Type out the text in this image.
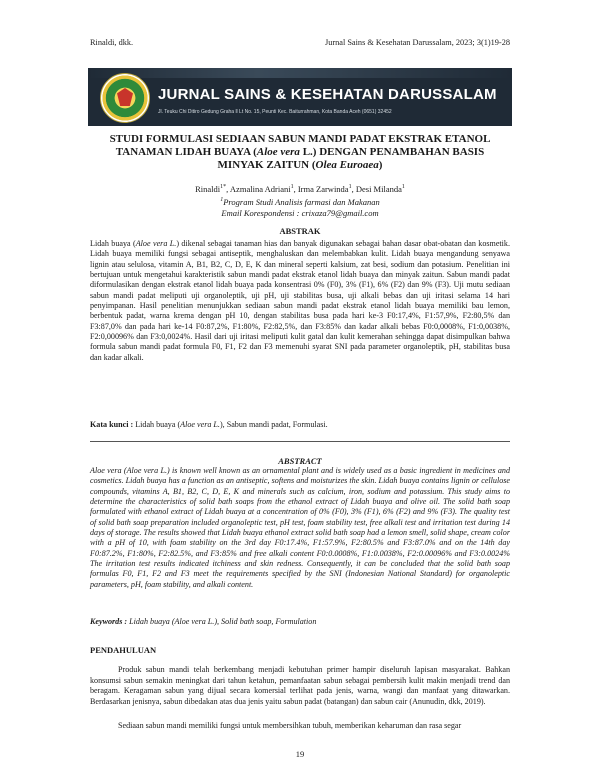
Rinaldi, dkk.	Jurnal Sains & Kesehatan Darussalam, 2023; 3(1)19-28
JURNAL SAINS & KESEHATAN DARUSSALAM
Jl. Teuku Chi Ditiro Gedung Graha ll Lt No. 15, Peunti Kec. Baiturrahman, Kota Banda Aceh (0651) 32452
STUDI FORMULASI SEDIAAN SABUN MANDI PADAT EKSTRAK ETANOL
TANAMAN LIDAH BUAYA (Aloe vera L.) DENGAN PENAMBAHAN BASIS
MINYAK ZAITUN (Olea Euroaea)
Rinaldi$^{1*}$, Azmalina Adriani$^1$, Irma Zarwinda$^1$, Desi Milanda$^1$
$^1$Program Studi Analisis farmasi dan Makanan
Email Korespondensi : crixaza79@gmail.com
ABSTRAK
Lidah buaya (Aloe vera L.) dikenal sebagai tanaman hias dan banyak digunakan sebagai bahan dasar obat-obatan dan kosmetik. Lidah buaya memiliki fungsi sebagai antiseptik, menghaluskan dan melembabkan kulit. Lidah buaya mengandung senyawa lignin atau selulosa, vitamin A, B1, B2, C, D, E, K dan mineral seperti kalsium, zat besi, sodium dan potasium. Penelitian ini bertujuan untuk mengetahui karakteristik sabun mandi padat ekstrak etanol lidah buaya dan minyak zaitun. Sabun mandi padat diformulasikan dengan ekstrak etanol lidah buaya pada konsentrasi 0% (F0), 3% (F1), 6% (F2) dan 9% (F3). Uji mutu sediaan sabun mandi padat meliputi uji organoleptik, uji pH, uji stabilitas busa, uji alkali bebas dan uji iritasi selama 14 hari penyimpanan. Hasil penelitian menunjukkan sediaan sabun mandi padat ekstrak etanol lidah buaya memiliki bau lemon, berbentuk padat, warna krema dengan pH 10, dengan stabilitas busa pada hari ke-3 F0:17,4%, F1:57,9%, F2:80,5% dan F3:87,0% dan pada hari ke-14 F0:87,2%, F1:80%, F2:82,5%, dan F3:85% dan kadar alkali bebas F0:0,0008%, F1:0,0038%, F2:0,00096% dan F3:0,0024%. Hasil dari uji iritasi meliputi kulit gatal dan kulit kemerahan sehingga dapat disimpulkan bahwa formula sabun mandi padat formula F0, F1, F2 dan F3 memenuhi syarat SNI pada parameter organoleptik, pH, stabilitas busa dan kadar alkali.
Kata kunci : Lidah buaya (Aloe vera L.), Sabun mandi padat, Formulasi.
ABSTRACT
Aloe vera (Aloe vera L.) is known well known as an ornamental plant and is widely used as a basic ingredient in medicines and cosmetics. Lidah buaya has a function as an antiseptic, softens and moisturizes the skin. Lidah buaya contains lignin or cellulose compounds, vitamins A, B1, B2, C, D, E, K and minerals such as calcium, iron, sodium and potassium. This study aims to determine the characteristics of solid bath soaps from the ethanol extract of Lidah buaya and olive oil. The solid bath soap formulated with ethanol extract of Lidah buaya at a concentration of 0% (F0), 3% (F1), 6% (F2) and 9% (F3). The quality test of solid bath soap preparation included organoleptic test, pH test, foam stability test, free alkali test and irritation test during 14 days of storage. The results showed that Lidah buaya ethanol extract solid bath soap had a lemon smell, solid shape, cream color with a pH of 10, with foam stability on the 3rd day F0:17.4%, F1:57.9%, F2:80.5% and F3:87.0% and on the 14th day F0:87.2%, F1:80%, F2:82.5%, and F3:85% and free alkali content F0:0.0008%, F1:0.0038%, F2:0.00096% and F3:0.0024% The irritation test results indicated itchiness and skin redness. Consequently, it can be concluded that the solid bath soap formulas F0, F1, F2 and F3 meet the requirements specified by the SNI (Indonesian National Standard) for organoleptic parameters, pH, foam stability, and alkali content.
Keywords : Lidah buaya (Aloe vera L.), Solid bath soap, Formulation
PENDAHULUAN
Produk sabun mandi telah berkembang menjadi kebutuhan primer hampir diseluruh lapisan masyarakat. Bahkan konsumsi sabun semakin meningkat dari tahun ketahun, pemanfaatan sabun sebagai pembersih kulit makin menjadi trend dan beragam. Keragaman sabun yang dijual secara komersial terlihat pada jenis, warna, wangi dan manfaat yang ditawarkan. Berdasarkan jenisnya, sabun dibedakan atas dua jenis yaitu sabun padat (batangan) dan sabun cair (Anunudin, dkk, 2019).
Sediaan sabun mandi memiliki fungsi untuk membersihkan tubuh, memberikan keharuman dan rasa segar
19
